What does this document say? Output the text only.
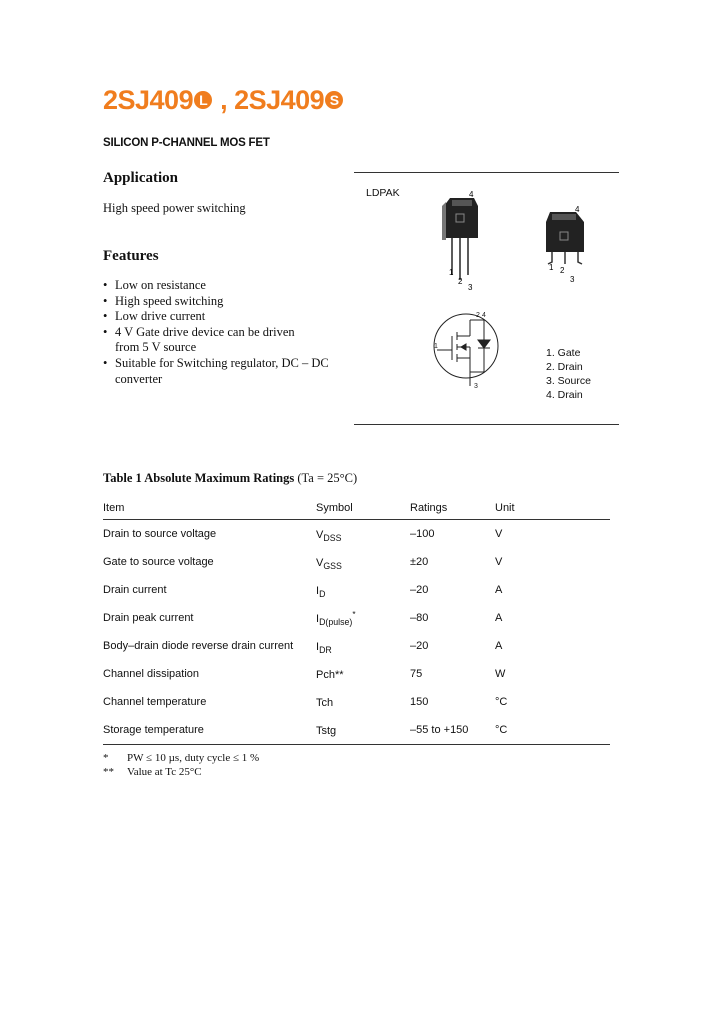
2SJ409 L , 2SJ409 S
SILICON P-CHANNEL MOS FET
Application
High speed power switching
Features
• Low on resistance
• High speed switching
• Low drive current
• 4 V Gate drive device can be driven
from 5 V source
• Suitable for Switching regulator, DC – DC
converter
LDPAK	4
1
2
3
4
1 2
3
2 4
1
3
1. Gate
2. Drain
3. Source
4. Drain
Table 1 Absolute Maximum Ratings (Ta = 25°C)
Item	Symbol	Ratings	Unit
Drain to source voltage	$V_{DSS}$	–100	V
Gate to source voltage	$V_{GSS}$	±20	V
Drain current	$I_D$	–20	A
Drain peak current	$I_{D(pulse)}^*$	–80	A
Body–drain diode reverse drain current	$I_{DR}$	–20	A
Channel dissipation	Pch**	75	W
Channel temperature	Tch	150	°C
Storage temperature	Tstg	–55 to +150	°C
*	PW ≤ 10 µs, duty cycle ≤ 1 %
**	Value at Tc 25°C
